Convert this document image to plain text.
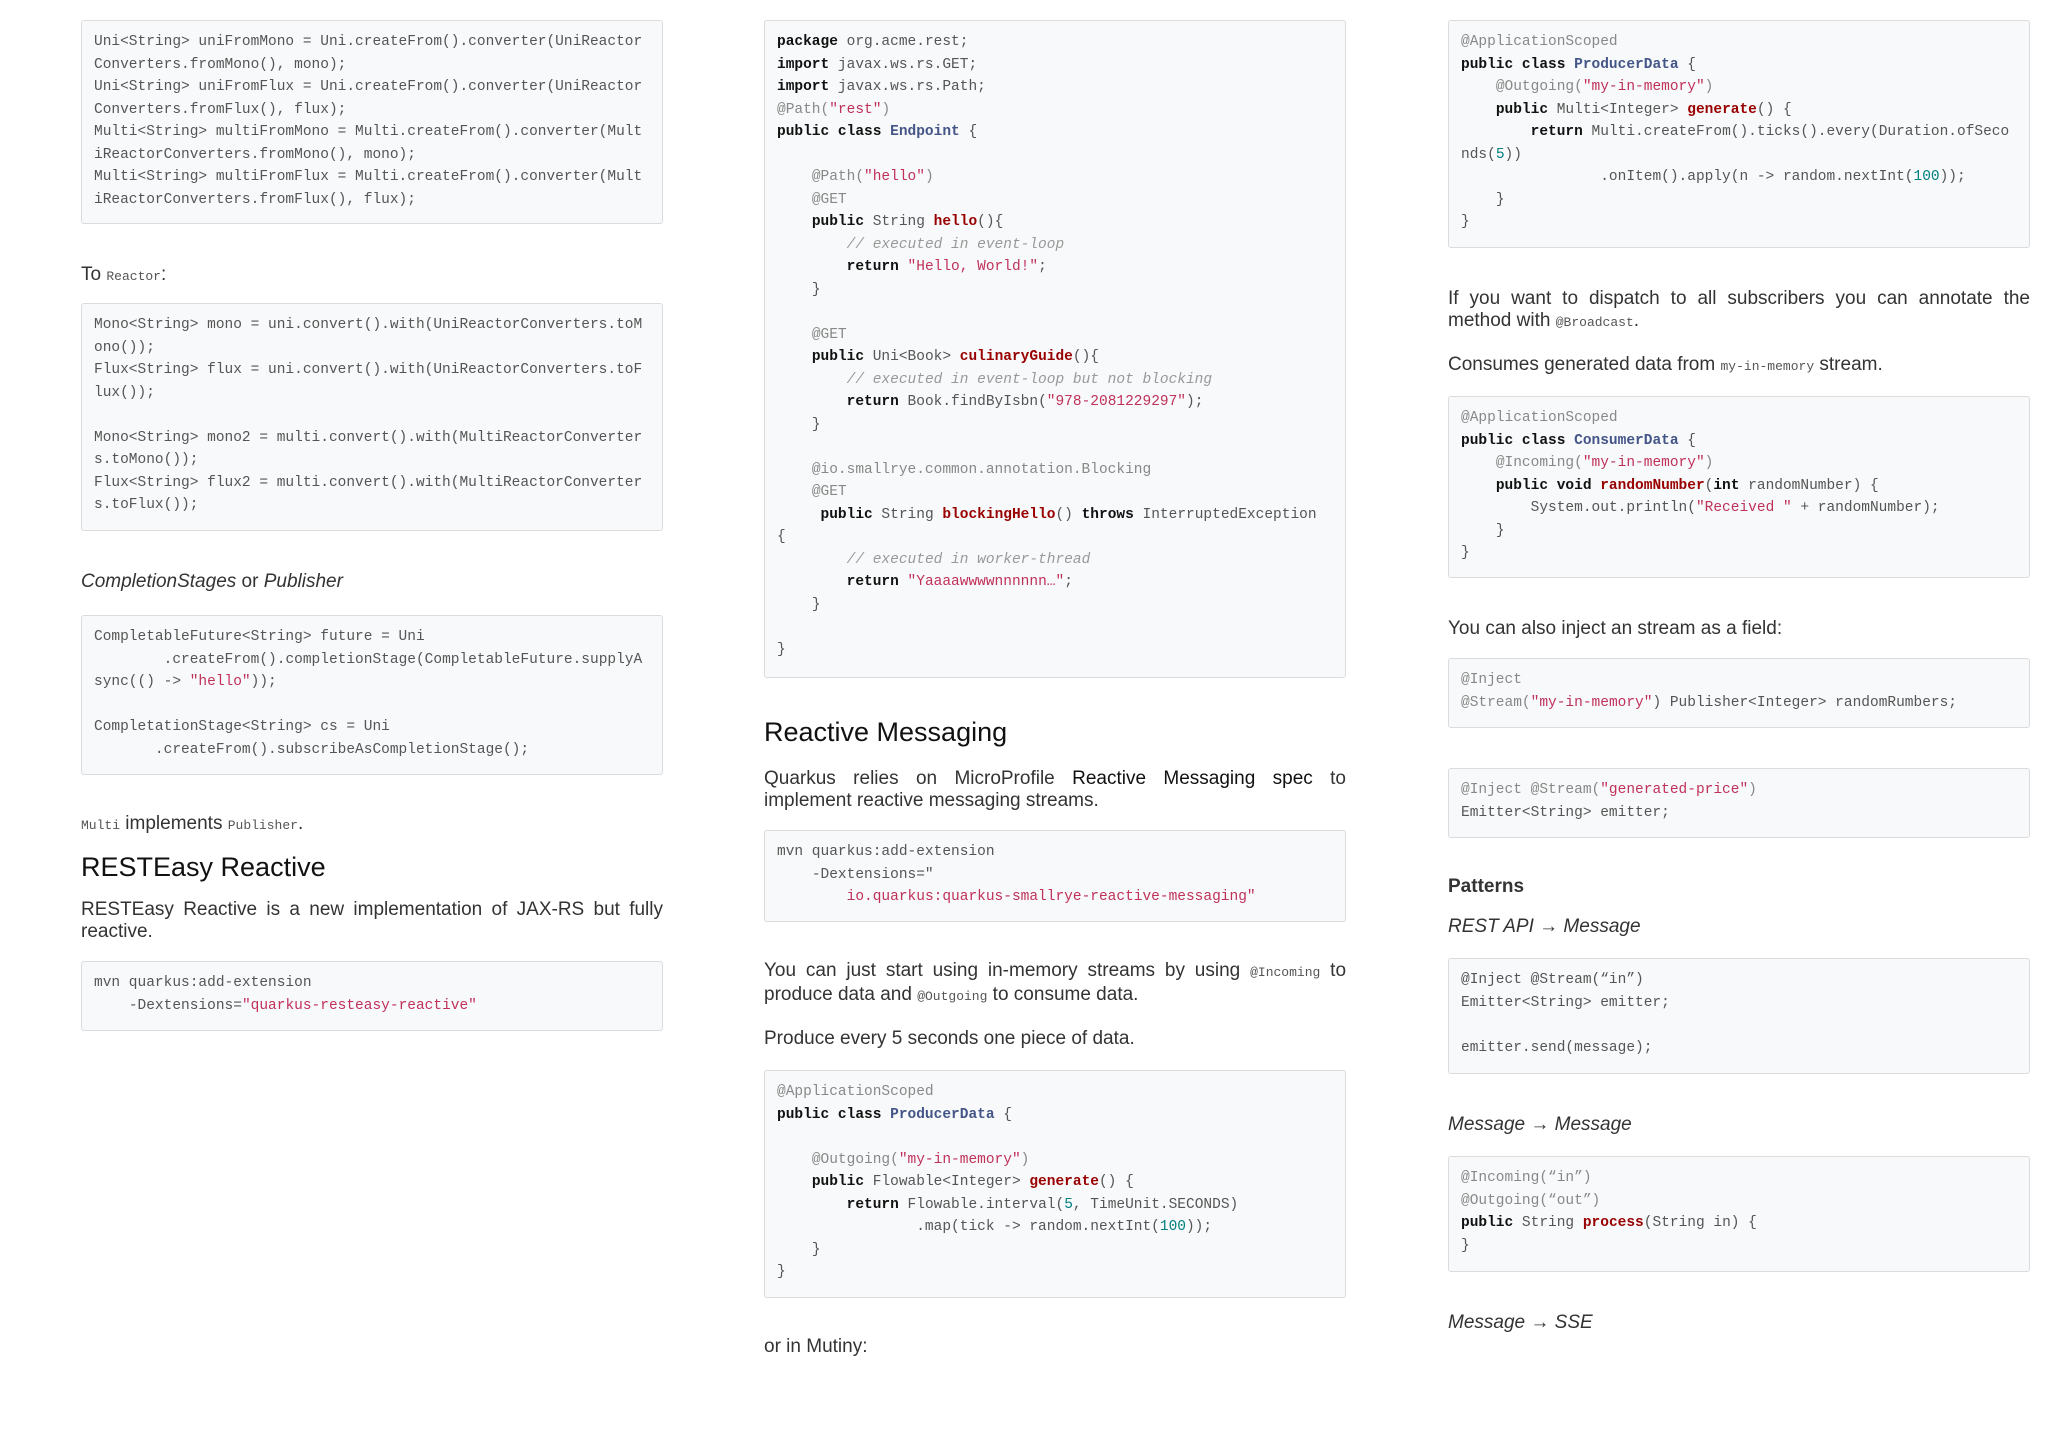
Uni<String> uniFromMono = Uni.createFrom().converter(UniReactorConverters.fromMono(), mono);
Uni<String> uniFromFlux = Uni.createFrom().converter(UniReactorConverters.fromFlux(), flux);
Multi<String> multiFromMono = Multi.createFrom().converter(MultiReactorConverters.fromMono(), mono);
Multi<String> multiFromFlux = Multi.createFrom().converter(MultiReactorConverters.fromFlux(), flux);

To Reactor:

Mono<String> mono = uni.convert().with(UniReactorConverters.toMono());
Flux<String> flux = uni.convert().with(UniReactorConverters.toFlux());

Mono<String> mono2 = multi.convert().with(MultiReactorConverters.toMono());
Flux<String> flux2 = multi.convert().with(MultiReactorConverters.toFlux());

CompletionStages or Publisher

CompletableFuture<String> future = Uni
.createFrom().completionStage(CompletableFuture.supplyAsync(() -> "hello"));

CompletationStage<String> cs = Uni
.createFrom().subscribeAsCompletionStage();

Multi implements Publisher.

RESTEasy Reactive

RESTEasy Reactive is a new implementation of JAX-RS but fully reactive.

mvn quarkus:add-extension
-Dextensions="quarkus-resteasy-reactive"
package org.acme.rest;
import javax.ws.rs.GET;
import javax.ws.rs.Path;
@Path("rest")
public class Endpoint {

@Path("hello")
@GET
public String hello(){
// executed in event-loop
return "Hello, World!";
}

@GET
public Uni<Book> culinaryGuide(){
// executed in event-loop but not blocking
return Book.findByIsbn("978-2081229297");
}

@io.smallrye.common.annotation.Blocking
@GET
public String blockingHello() throws InterruptedException {
// executed in worker-thread
return "Yaaaawwwwnnnnnn…";
}

}
Reactive Messaging

Quarkus relies on MicroProfile Reactive Messaging spec to implement reactive messaging streams.

mvn quarkus:add-extension
-Dextensions="
io.quarkus:quarkus-smallrye-reactive-messaging"

You can just start using in-memory streams by using @Incoming to produce data and @Outgoing to consume data.

Produce every 5 seconds one piece of data.

@ApplicationScoped
public class ProducerData {

@Outgoing("my-in-memory")
public Flowable<Integer> generate() {
return Flowable.interval(5, TimeUnit.SECONDS)
.map(tick -> random.nextInt(100));
}
}

or in Mutiny:

@ApplicationScoped
public class ProducerData {
@Outgoing("my-in-memory")
public Multi<Integer> generate() {
return Multi.createFrom().ticks().every(Duration.ofSeconds(5))
.onItem().apply(n -> random.nextInt(100));
}
}

If you want to dispatch to all subscribers you can annotate the method with @Broadcast.

Consumes generated data from my-in-memory stream.

@ApplicationScoped
public class ConsumerData {
@Incoming("my-in-memory")
public void randomNumber(int randomNumber) {
System.out.println("Received " + randomNumber);
}
}

You can also inject an stream as a field:

@Inject
@Stream("my-in-memory") Publisher<Integer> randomRumbers;
@Inject @Stream("generated-price")
Emitter<String> emitter;
Patterns

REST API → Message

@Inject @Stream(“in”)
Emitter<String> emitter;

emitter.send(message);

Message → Message

@Incoming(“in”)
@Outgoing(“out”)
public String process(String in) {
}

Message → SSE
